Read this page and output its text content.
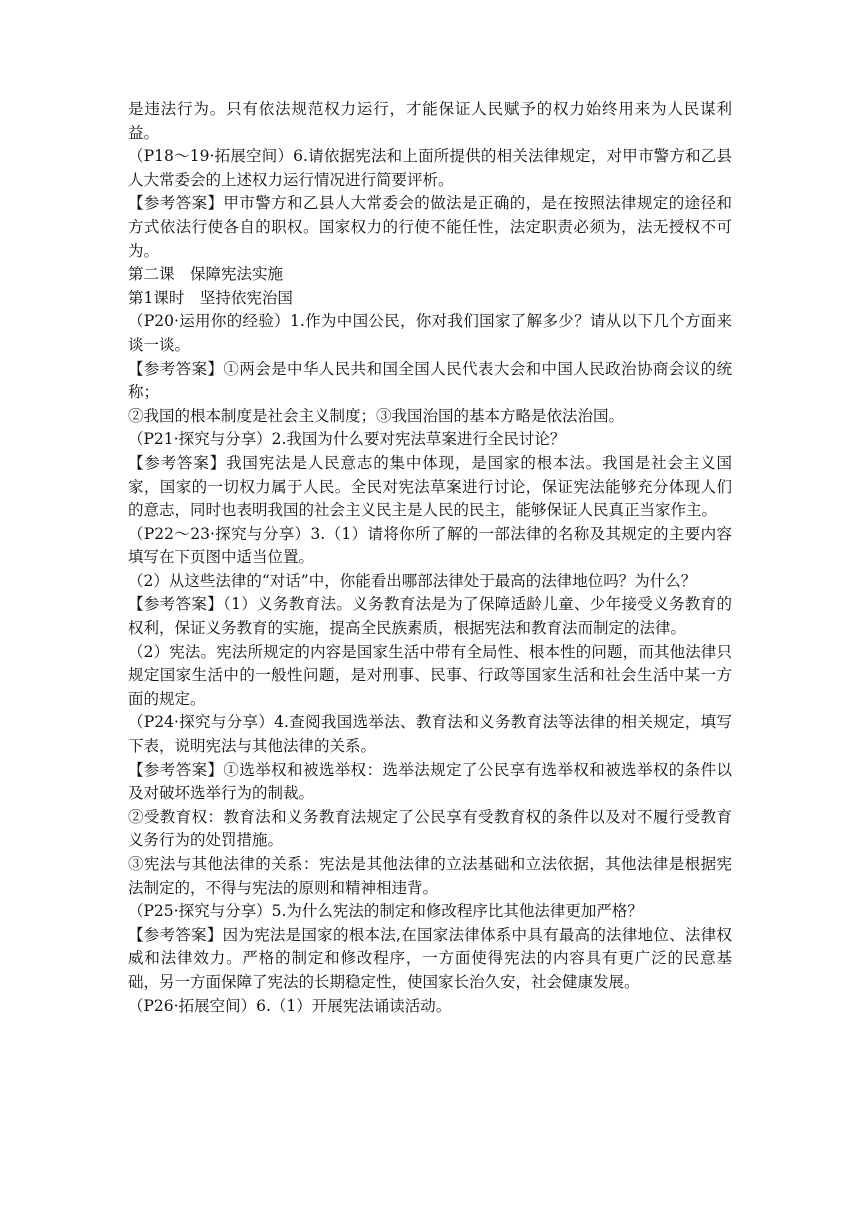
是违法行为。只有依法规范权力运行，才能保证人民赋予的权力始终用来为人民谋利益。

（P18～19·拓展空间）6.请依据宪法和上面所提供的相关法律规定，对甲市警方和乙县人大常委会的上述权力运行情况进行简要评析。

【参考答案】甲市警方和乙县人大常委会的做法是正确的，是在按照法律规定的途径和方式依法行使各自的职权。国家权力的行使不能任性，法定职责必须为，法无授权不可为。

第二课　保障宪法实施

第1课时　坚持依宪治国

（P20·运用你的经验）1.作为中国公民，你对我们国家了解多少？请从以下几个方面来谈一谈。

【参考答案】①两会是中华人民共和国全国人民代表大会和中国人民政治协商会议的统称；

②我国的根本制度是社会主义制度；③我国治国的基本方略是依法治国。

（P21·探究与分享）2.我国为什么要对宪法草案进行全民讨论？

【参考答案】我国宪法是人民意志的集中体现，是国家的根本法。我国是社会主义国家，国家的一切权力属于人民。全民对宪法草案进行讨论，保证宪法能够充分体现人们的意志，同时也表明我国的社会主义民主是人民的民主，能够保证人民真正当家作主。

（P22～23·探究与分享）3.（1）请将你所了解的一部法律的名称及其规定的主要内容填写在下页图中适当位置。

（2）从这些法律的“对话”中，你能看出哪部法律处于最高的法律地位吗？为什么？

【参考答案】（1）义务教育法。义务教育法是为了保障适龄儿童、少年接受义务教育的权利，保证义务教育的实施，提高全民族素质，根据宪法和教育法而制定的法律。

（2）宪法。宪法所规定的内容是国家生活中带有全局性、根本性的问题，而其他法律只规定国家生活中的一般性问题，是对刑事、民事、行政等国家生活和社会生活中某一方面的规定。

（P24·探究与分享）4.查阅我国选举法、教育法和义务教育法等法律的相关规定，填写下表，说明宪法与其他法律的关系。

【参考答案】①选举权和被选举权：选举法规定了公民享有选举权和被选举权的条件以及对破坏选举行为的制裁。

②受教育权：教育法和义务教育法规定了公民享有受教育权的条件以及对不履行受教育义务行为的处罚措施。

③宪法与其他法律的关系：宪法是其他法律的立法基础和立法依据，其他法律是根据宪法制定的，不得与宪法的原则和精神相违背。

（P25·探究与分享）5.为什么宪法的制定和修改程序比其他法律更加严格？

【参考答案】因为宪法是国家的根本法,在国家法律体系中具有最高的法律地位、法律权威和法律效力。严格的制定和修改程序，一方面使得宪法的内容具有更广泛的民意基础，另一方面保障了宪法的长期稳定性，使国家长治久安，社会健康发展。

（P26·拓展空间）6.（1）开展宪法诵读活动。
